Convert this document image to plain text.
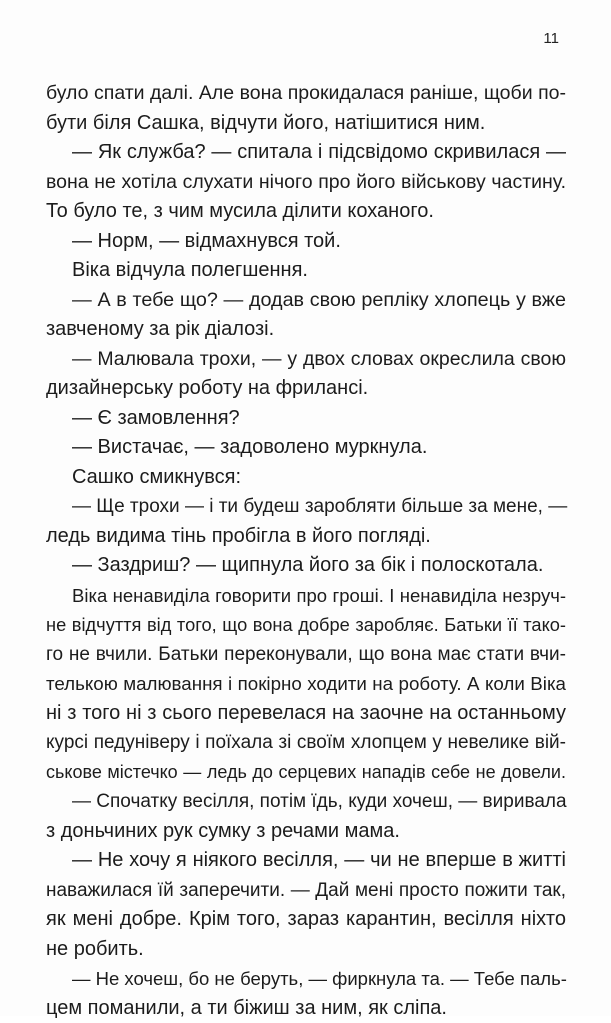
11
було спати далі. Але вона прокидалася раніше, щоби по-
бути біля Сашка, відчути його, натішитися ним.
— Як служба? — спитала і підсвідомо скривилася —
вона не хотіла слухати нічого про його військову частину.
То було те, з чим мусила ділити коханого.
— Норм, — відмахнувся той.
Віка відчула полегшення.
— А в тебе що? — додав свою репліку хлопець у вже
завченому за рік діалозі.
— Малювала трохи, — у двох словах окреслила свою
дизайнерську роботу на фрилансі.
— Є замовлення?
— Вистачає, — задоволено муркнула.
Сашко смикнувся:
— Ще трохи — і ти будеш заробляти більше за мене, —
ледь видима тінь пробігла в його погляді.
— Заздриш? — щипнула його за бік і полоскотала.
Віка ненавиділа говорити про гроші. І ненавиділа незруч-
не відчуття від того, що вона добре заробляє. Батьки її тако-
го не вчили. Батьки переконували, що вона має стати вчи-
телькою малювання і покірно ходити на роботу. А коли Віка
ні з того ні з сього перевелася на заочне на останньому
курсі педуніверу і поїхала зі своїм хлопцем у невелике вій-
ськове містечко — ледь до серцевих нападів себе не довели.
— Спочатку весілля, потім їдь, куди хочеш, — виривала
з доньчиних рук сумку з речами мама.
— Не хочу я ніякого весілля, — чи не вперше в житті
наважилася їй заперечити. — Дай мені просто пожити так,
як мені добре. Крім того, зараз карантин, весілля ніхто
не робить.
— Не хочеш, бо не беруть, — фиркнула та. — Тебе паль-
цем поманили, а ти біжиш за ним, як сліпа.
